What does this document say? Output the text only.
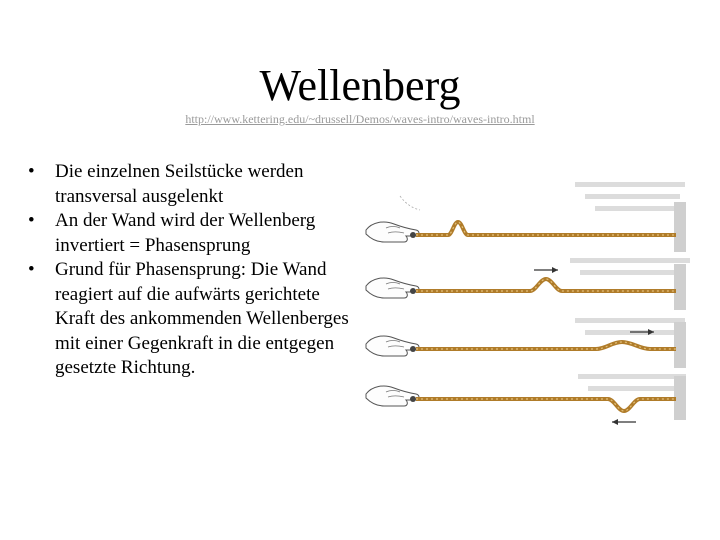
Wellenberg
http://www.kettering.edu/~drussell/Demos/waves-intro/waves-intro.html
• Die einzelnen Seilstücke werden transversal ausgelenkt
• An der Wand wird der Wellenberg invertiert = Phasensprung
• Grund für Phasensprung: Die Wand reagiert auf die aufwärts gerichtete Kraft des ankommenden Wellenberges mit einer Gegenkraft in die entgegen gesetzte Richtung.
